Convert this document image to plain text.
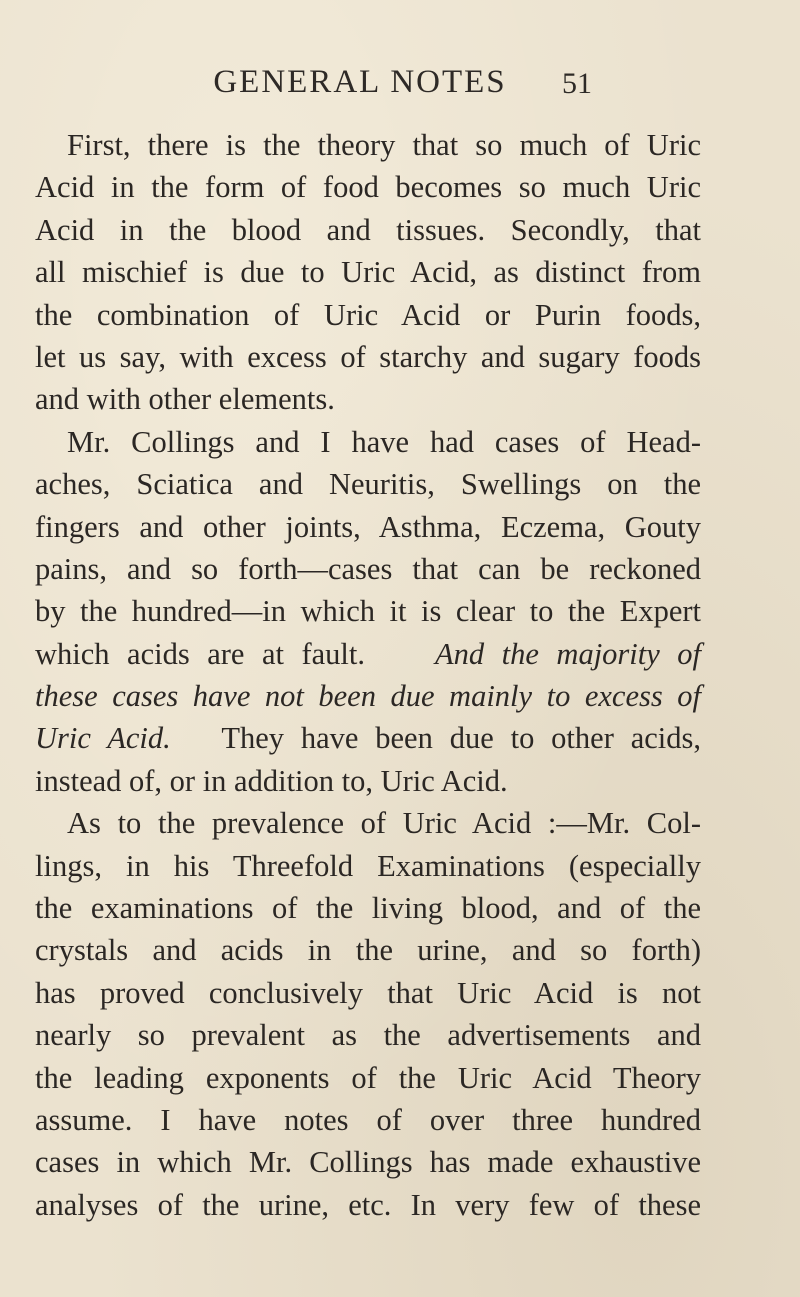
GENERAL NOTES	51
First, there is the theory that so much of Uric
Acid in the form of food becomes so much Uric
Acid in the blood and tissues. Secondly, that
all mischief is due to Uric Acid, as distinct from
the combination of Uric Acid or Purin foods,
let us say, with excess of starchy and sugary foods
and with other elements.
Mr. Collings and I have had cases of Head-
aches, Sciatica and Neuritis, Swellings on the
fingers and other joints, Asthma, Eczema, Gouty
pains, and so forth—cases that can be reckoned
by the hundred—in which it is clear to the Expert
which acids are at fault. And the majority of
these cases have not been due mainly to excess of
Uric Acid. They have been due to other acids,
instead of, or in addition to, Uric Acid.
As to the prevalence of Uric Acid :—Mr. Col-
lings, in his Threefold Examinations (especially
the examinations of the living blood, and of the
crystals and acids in the urine, and so forth)
has proved conclusively that Uric Acid is not
nearly so prevalent as the advertisements and
the leading exponents of the Uric Acid Theory
assume. I have notes of over three hundred
cases in which Mr. Collings has made exhaustive
analyses of the urine, etc. In very few of these
